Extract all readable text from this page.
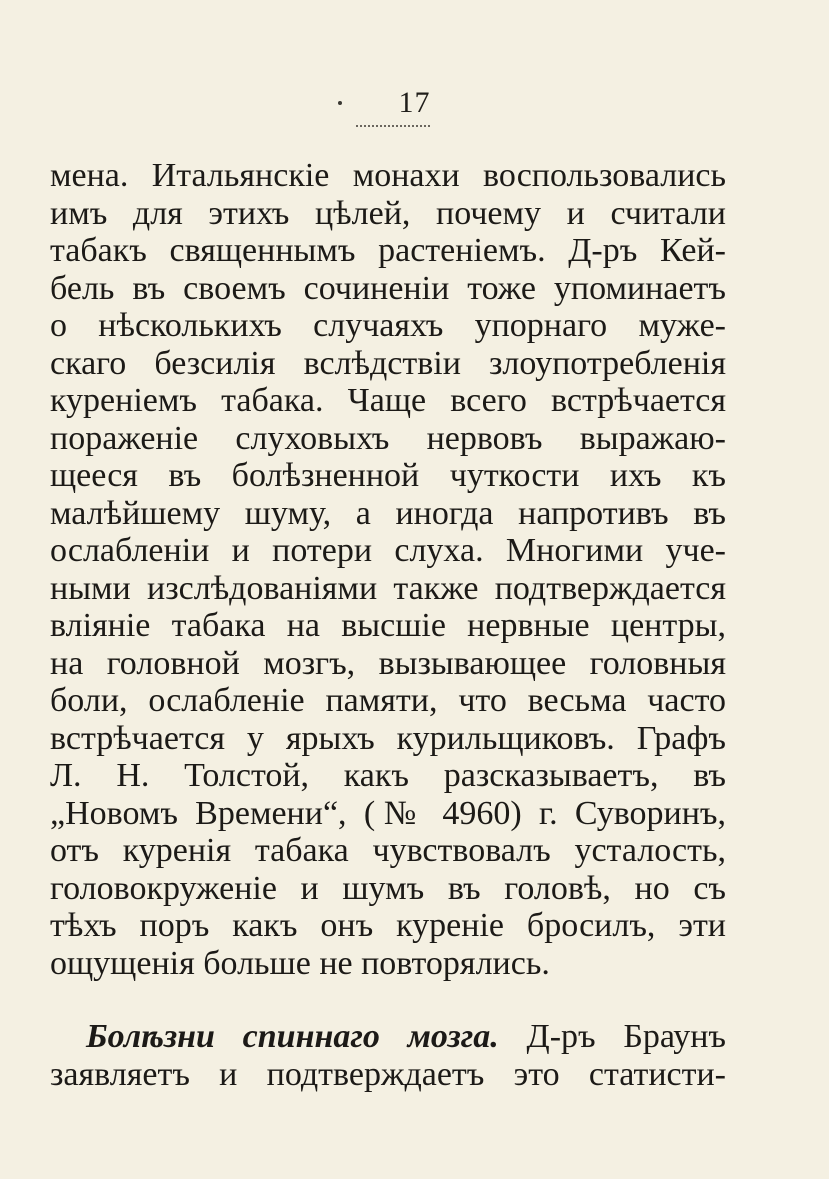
17
мена. Итальянскіе монахи воспользовались
имъ для этихъ цѣлей, почему и считали
табакъ священнымъ растеніемъ. Д-ръ Кей-
бель въ своемъ сочиненіи тоже упоминаетъ
о нѣсколькихъ случаяхъ упорнаго муже-
скаго безсилія вслѣдствіи злоупотребленія
куреніемъ табака. Чаще всего встрѣчается
пораженіе слуховыхъ нервовъ выражаю-
щееся въ болѣзненной чуткости ихъ къ
малѣйшему шуму, а иногда напротивъ въ
ослабленіи и потери слуха. Многими уче-
ными изслѣдованіями также подтверждается
вліяніе табака на высшіе нервные центры,
на головной мозгъ, вызывающее головныя
боли, ослабленіе памяти, что весьма часто
встрѣчается у ярыхъ курильщиковъ. Графъ
Л. Н. Толстой, какъ разсказываетъ, въ
„Новомъ Времени“, (№ 4960) г. Суворинъ,
отъ куренія табака чувствовалъ усталость,
головокруженіе и шумъ въ головѣ, но съ
тѣхъ поръ какъ онъ куреніе бросилъ, эти
ощущенія больше не повторялись.
Болѣзни спиннаго мозга. Д-ръ Браунъ
заявляетъ и подтверждаетъ это статисти-
